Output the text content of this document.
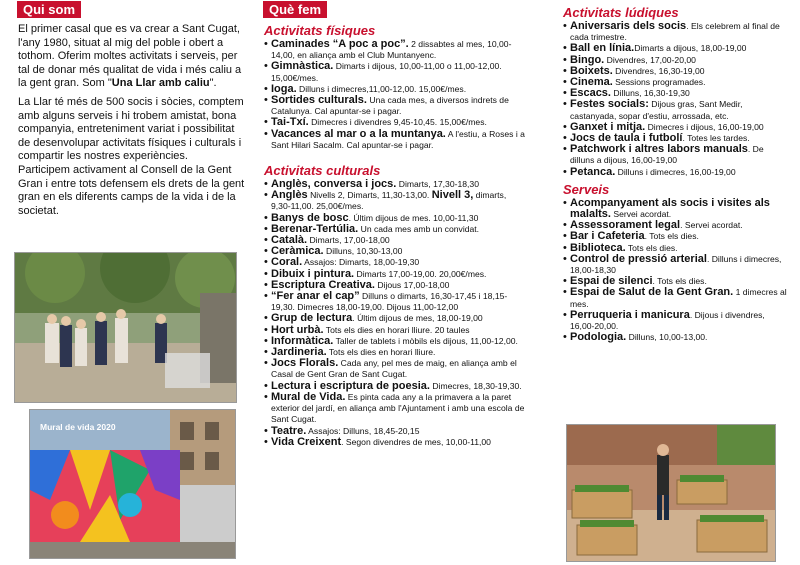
Qui som

El primer casal que es va crear a Sant Cugat, l'any 1980, situat al mig del poble i obert a tothom. Oferim moltes activitats i serveis, per tal de donar més qualitat de vida i més caliu a la gent gran. Som "Una Llar amb caliu".

La Llar té més de 500 socis i sòcies, comptem amb alguns serveis i hi trobem amistat, bona companyia, entreteniment variat i possibilitat de desenvolupar activitats físiques i culturals i compartir les nostres experiències.

Participem activament al Consell de la Gent Gran i entre tots defensem els drets de la gent gran en els diferents camps de la vida i de la societat.

Mural de vida 2020
Què fem
Activitats físiques
• Caminades “A poc a poc”. 2 dissabtes al mes, 10,00-14,00, en aliança amb el Club Muntanyenc.
• Gimnàstica. Dimarts i dijous, 10,00-11,00 o 11,00-12,00. 15,00€/mes.
• Ioga. Dilluns i dimecres,11,00-12,00. 15,00€/mes.
• Sortides culturals. Una cada mes, a diversos indrets de Catalunya. Cal apuntar-se i pagar.
• Tai-Txí. Dimecres i divendres 9,45-10,45. 15,00€/mes.
• Vacances al mar o a la muntanya. A l'estiu, a Roses i a Sant Hilari Sacalm. Cal apuntar-se i pagar.
Activitats culturals
• Anglès, conversa i jocs. Dimarts, 17,30-18,30
• Anglès Nivells 2, Dimarts, 11,30-13,00. Nivell 3, dimarts, 9,30-11,00. 25,00€/mes.
• Banys de bosc. Últim dijous de mes. 10,00-11,30
• Berenar-Tertúlia. Un cada mes amb un convidat.
• Català. Dimarts, 17,00-18,00
• Ceràmica. Dilluns, 10,30-13,00
• Coral. Assajos: Dimarts, 18,00-19,30
• Dibuix i pintura. Dimarts 17,00-19,00. 20,00€/mes.
• Escriptura Creativa. Dijous 17,00-18,00
• “Fer anar el cap” Dilluns o dimarts, 16,30-17,45 i 18,15-19,30. Dimecres 18,00-19,00. Dijous 11,00-12,00
• Grup de lectura. Últim dijous de mes, 18,00-19,00
• Hort urbà. Tots els dies en horari lliure. 20 taules
• Informàtica. Taller de tablets i mòbils els dijous, 11,00-12,00.
• Jardineria. Tots els dies en horari lliure.
• Jocs Florals. Cada any, pel mes de maig, en aliança amb el Casal de Gent Gran de Sant Cugat.
• Lectura i escriptura de poesia. Dimecres, 18,30-19,30.
• Mural de Vida. Es pinta cada any a la primavera a la paret exterior del jardí, en aliança amb l'Ajuntament i amb una escola de Sant Cugat.
• Teatre. Assajos: Dilluns, 18,45-20,15
• Vida Creixent. Segon divendres de mes, 10,00-11,00
Activitats lúdiques
• Aniversaris dels socis. Els celebrem al final de cada trimestre.
• Ball en línia.Dimarts a dijous, 18,00-19,00
• Bingo. Divendres, 17,00-20,00
• Boixets. Divendres, 16,30-19,00
• Cinema. Sessions programades.
• Escacs. Dilluns, 16,30-19,30
• Festes socials: Dijous gras, Sant Medir, castanyada, sopar d'estiu, arrossada, etc.
• Ganxet i mitja. Dimecres i dijous, 16,00-19,00
• Jocs de taula i futbolí. Totes les tardes.
• Patchwork i altres labors manuals. De dilluns a dijous, 16,00-19,00
• Petanca. Dilluns i dimecres, 16,00-19,00
Serveis
• Acompanyament als socis i visites als malalts. Servei acordat.
• Assessorament legal. Servei acordat.
• Bar i Cafeteria. Tots els dies.
• Biblioteca. Tots els dies.
• Control de pressió arterial. Dilluns i dimecres, 18,00-18,30
• Espai de silenci. Tots els dies.
• Espai de Salut de la Gent Gran. 1 dimecres al mes.
• Perruqueria i manicura. Dijous i divendres, 16,00-20,00.
• Podologia. Dilluns, 10,00-13,00.
